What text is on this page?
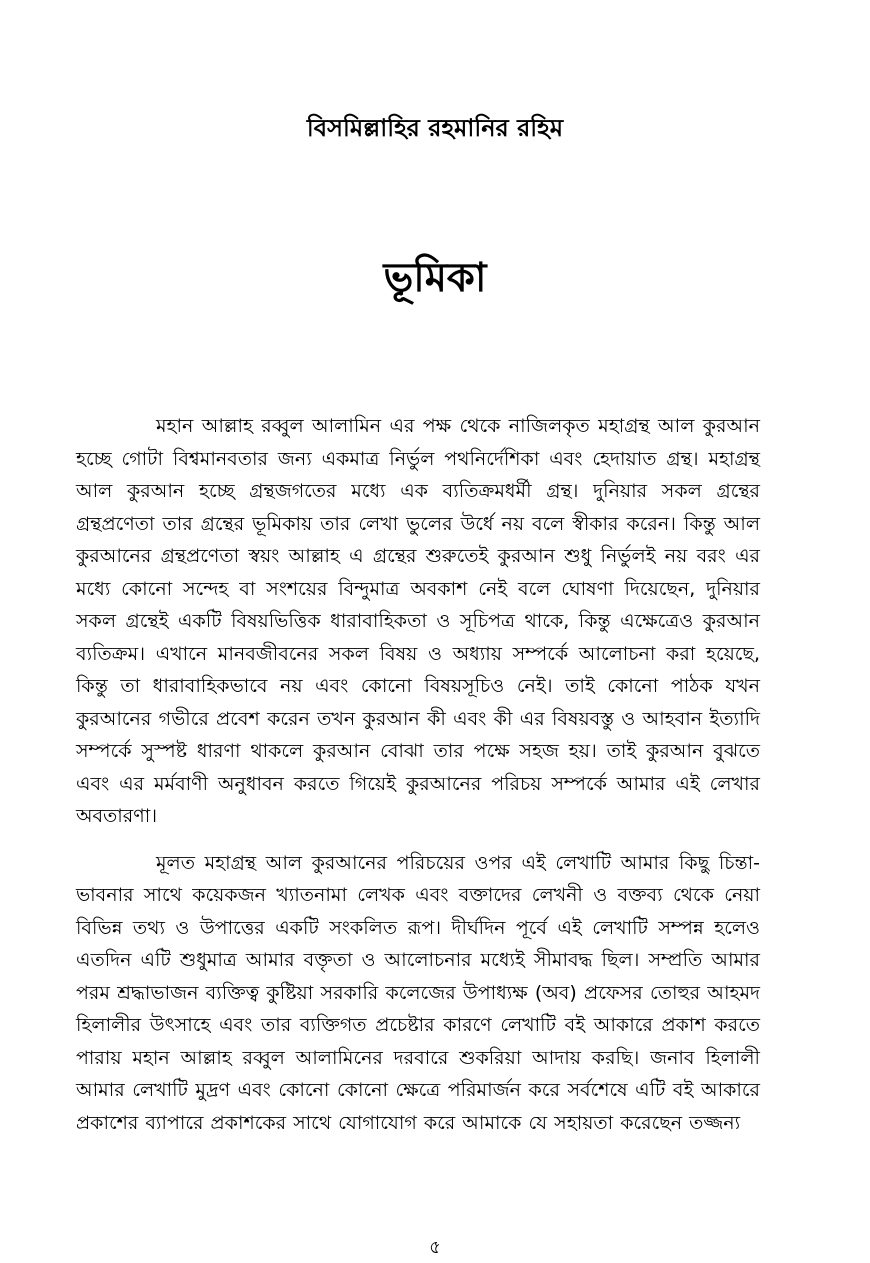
বিসমিল্লাহির রহমানির রহিম

ভূমিকা

মহান আল্লাহ রব্বুল আলামিন এর পক্ষ থেকে নাজিলকৃত মহাগ্রন্থ আল কুরআন হচ্ছে গোটা বিশ্বমানবতার জন্য একমাত্র নির্ভুল পথনির্দেশিকা এবং হেদায়াত গ্রন্থ। মহাগ্রন্থ আল কুরআন হচ্ছে গ্রন্থজগতের মধ্যে এক ব্যতিক্রমধর্মী গ্রন্থ। দুনিয়ার সকল গ্রন্থের গ্রন্থপ্রণেতা তার গ্রন্থের ভূমিকায় তার লেখা ভুলের উর্ধে নয় বলে স্বীকার করেন। কিন্তু আল কুরআনের গ্রন্থপ্রণেতা স্বয়ং আল্লাহ এ গ্রন্থের শুরুতেই কুরআন শুধু নির্ভুলই নয় বরং এর মধ্যে কোনো সন্দেহ বা সংশয়ের বিন্দুমাত্র অবকাশ নেই বলে ঘোষণা দিয়েছেন, দুনিয়ার সকল গ্রন্থেই একটি বিষয়ভিত্তিক ধারাবাহিকতা ও সূচিপত্র থাকে, কিন্তু এক্ষেত্রেও কুরআন ব্যতিক্রম। এখানে মানবজীবনের সকল বিষয় ও অধ্যায় সম্পর্কে আলোচনা করা হয়েছে, কিন্তু তা ধারাবাহিকভাবে নয় এবং কোনো বিষয়সূচিও নেই। তাই কোনো পাঠক যখন কুরআনের গভীরে প্রবেশ করেন তখন কুরআন কী এবং কী এর বিষয়বস্তু ও আহবান ইত্যাদি সম্পর্কে সুস্পষ্ট ধারণা থাকলে কুরআন বোঝা তার পক্ষে সহজ হয়। তাই কুরআন বুঝতে এবং এর মর্মবাণী অনুধাবন করতে গিয়েই কুরআনের পরিচয় সম্পর্কে আমার এই লেখার অবতারণা।

মূলত মহাগ্রন্থ আল কুরআনের পরিচয়ের ওপর এই লেখাটি আমার কিছু চিন্তা-ভাবনার সাথে কয়েকজন খ্যাতনামা লেখক এবং বক্তাদের লেখনী ও বক্তব্য থেকে নেয়া বিভিন্ন তথ্য ও উপাত্তের একটি সংকলিত রূপ। দীর্ঘদিন পূর্বে এই লেখাটি সম্পন্ন হলেও এতদিন এটি শুধুমাত্র আমার বক্তৃতা ও আলোচনার মধ্যেই সীমাবদ্ধ ছিল। সম্প্রতি আমার পরম শ্রদ্ধাভাজন ব্যক্তিত্ব কুষ্টিয়া সরকারি কলেজের উপাধ্যক্ষ (অব) প্রফেসর তোহুর আহমদ হিলালীর উৎসাহে এবং তার ব্যক্তিগত প্রচেষ্টার কারণে লেখাটি বই আকারে প্রকাশ করতে পারায় মহান আল্লাহ রব্বুল আলামিনের দরবারে শুকরিয়া আদায় করছি। জনাব হিলালী আমার লেখাটি মুদ্রণ এবং কোনো কোনো ক্ষেত্রে পরিমার্জন করে সর্বশেষে এটি বই আকারে প্রকাশের ব্যাপারে প্রকাশকের সাথে যোগাযোগ করে আমাকে যে সহায়তা করেছেন তজ্জন্য

৫
